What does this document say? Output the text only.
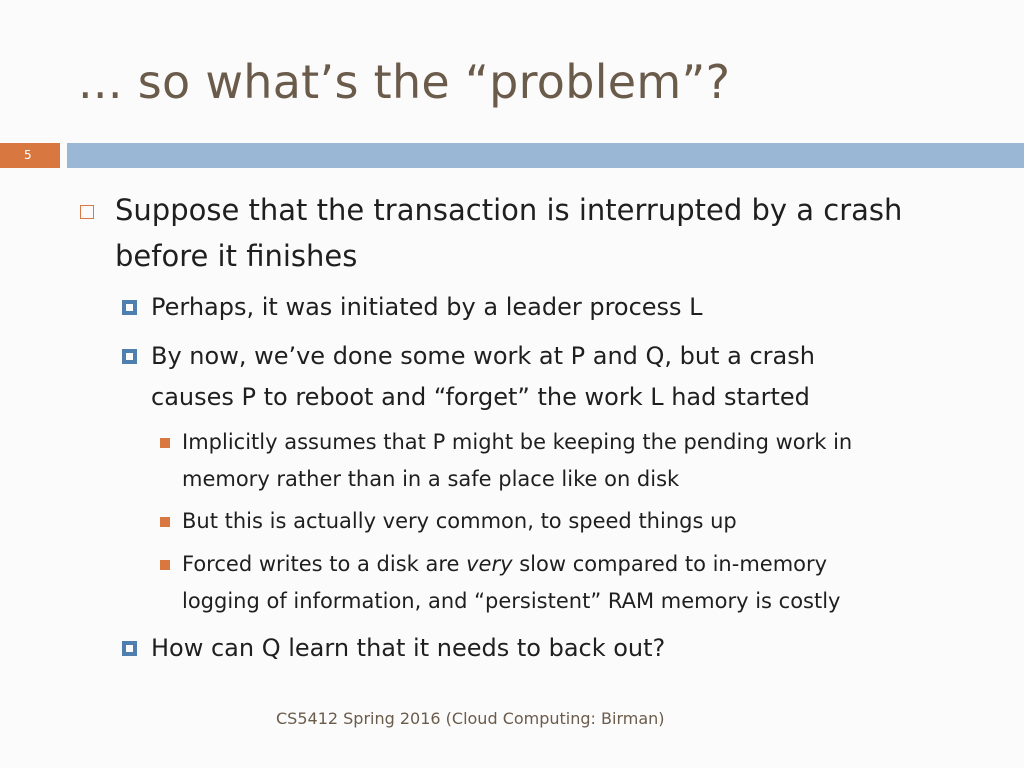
... so what’s the “problem”?
5
Suppose that the transaction is interrupted by a crash
before it finishes
Perhaps, it was initiated by a leader process L
By now, we’ve done some work at P and Q, but a crash
causes P to reboot and “forget” the work L had started
Implicitly assumes that P might be keeping the pending work in
memory rather than in a safe place like on disk
But this is actually very common, to speed things up
Forced writes to a disk are very slow compared to in-memory
logging of information, and “persistent” RAM memory is costly
How can Q learn that it needs to back out?
CS5412 Spring 2016 (Cloud Computing: Birman)
